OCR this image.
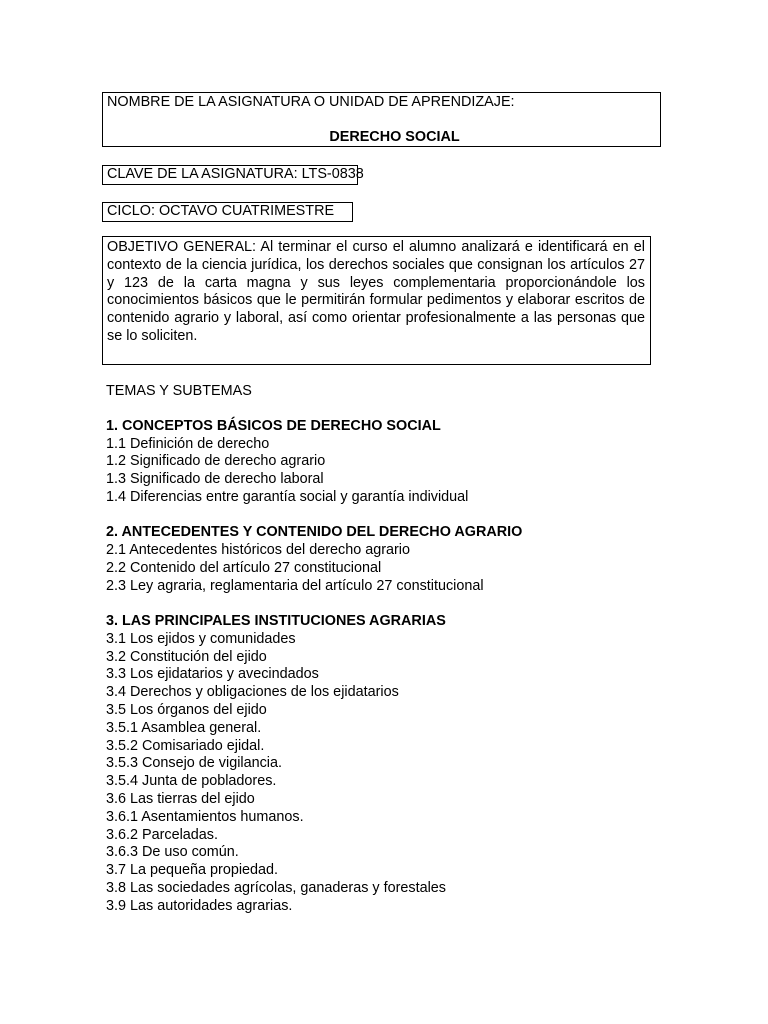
NOMBRE DE LA ASIGNATURA O UNIDAD DE APRENDIZAJE:
DERECHO SOCIAL
CLAVE DE LA ASIGNATURA: LTS-0838
CICLO: OCTAVO CUATRIMESTRE

OBJETIVO GENERAL: Al terminar el curso el alumno analizará e identificará en el contexto de la ciencia jurídica, los derechos sociales que consignan los artículos 27 y 123 de la carta magna y sus leyes complementaria proporcionándole los conocimientos básicos que le permitirán formular pedimentos y elaborar escritos de contenido agrario y laboral, así como orientar profesionalmente a las personas que se lo soliciten.

TEMAS Y SUBTEMAS
1. CONCEPTOS BÁSICOS DE DERECHO SOCIAL
1.1 Definición de derecho
1.2 Significado de derecho agrario
1.3 Significado de derecho laboral
1.4 Diferencias entre garantía social y garantía individual
2. ANTECEDENTES Y CONTENIDO DEL DERECHO AGRARIO
2.1 Antecedentes históricos del derecho agrario
2.2 Contenido del artículo 27 constitucional
2.3 Ley agraria, reglamentaria del artículo 27 constitucional
3. LAS PRINCIPALES INSTITUCIONES AGRARIAS
3.1 Los ejidos y comunidades
3.2 Constitución del ejido
3.3 Los ejidatarios y avecindados
3.4 Derechos y obligaciones de los ejidatarios
3.5 Los órganos del ejido
3.5.1 Asamblea general.
3.5.2 Comisariado ejidal.
3.5.3 Consejo de vigilancia.
3.5.4 Junta de pobladores.
3.6 Las tierras del ejido
3.6.1 Asentamientos humanos.
3.6.2 Parceladas.
3.6.3 De uso común.
3.7 La pequeña propiedad.
3.8 Las sociedades agrícolas, ganaderas y forestales
3.9 Las autoridades agrarias.
